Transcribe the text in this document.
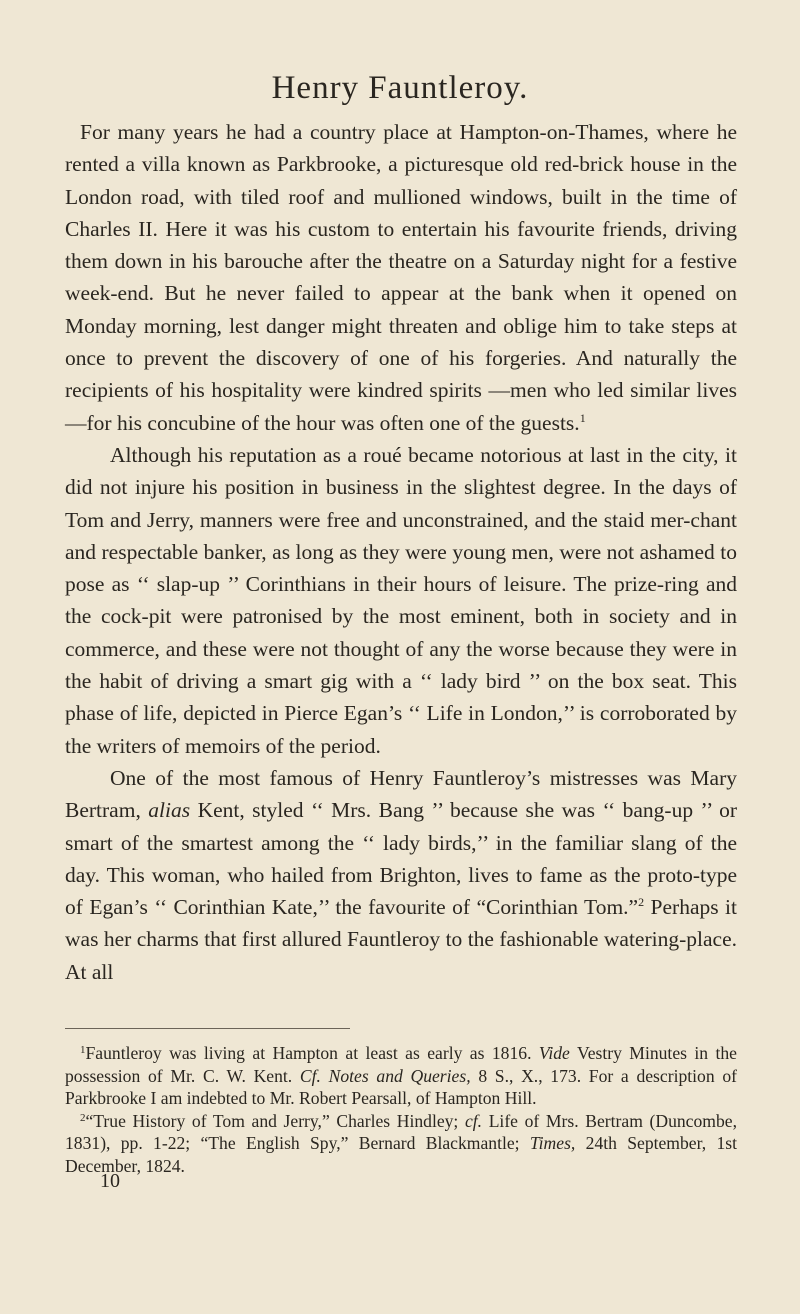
Henry Fauntleroy.

For many years he had a country place at Hampton-on-Thames, where he rented a villa known as Parkbrooke, a picturesque old red-brick house in the London road, with tiled roof and mullioned windows, built in the time of Charles II. Here it was his custom to entertain his favourite friends, driving them down in his barouche after the theatre on a Saturday night for a festive week-end. But he never failed to appear at the bank when it opened on Monday morning, lest danger might threaten and oblige him to take steps at once to prevent the discovery of one of his forgeries. And naturally the recipients of his hospitality were kindred spirits —men who led similar lives—for his concubine of the hour was often one of the guests.$^1$

Although his reputation as a roué became notorious at last in the city, it did not injure his position in business in the slightest degree. In the days of Tom and Jerry, manners were free and unconstrained, and the staid mer-chant and respectable banker, as long as they were young men, were not ashamed to pose as ‘‘ slap-up ’’ Corinthians in their hours of leisure. The prize-ring and the cock-pit were patronised by the most eminent, both in society and in commerce, and these were not thought of any the worse because they were in the habit of driving a smart gig with a ‘‘ lady bird ’’ on the box seat. This phase of life, depicted in Pierce Egan’s ‘‘ Life in London,’’ is corroborated by the writers of memoirs of the period.

One of the most famous of Henry Fauntleroy’s mistresses was Mary Bertram, alias Kent, styled ‘‘ Mrs. Bang ’’ because she was ‘‘ bang-up ’’ or smart of the smartest among the ‘‘ lady birds,’’ in the familiar slang of the day. This woman, who hailed from Brighton, lives to fame as the proto-type of Egan’s ‘‘ Corinthian Kate,’’ the favourite of “Corinthian Tom.”$^2$ Perhaps it was her charms that first allured Fauntleroy to the fashionable watering-place. At all

$^1$Fauntleroy was living at Hampton at least as early as 1816. Vide Vestry Minutes in the possession of Mr. C. W. Kent. Cf. Notes and Queries, 8 S., X., 173. For a description of Parkbrooke I am indebted to Mr. Robert Pearsall, of Hampton Hill.

$^2$“True History of Tom and Jerry,” Charles Hindley; cf. Life of Mrs. Bertram (Duncombe, 1831), pp. 1-22; “The English Spy,” Bernard Blackmantle; Times, 24th September, 1st December, 1824.

10
